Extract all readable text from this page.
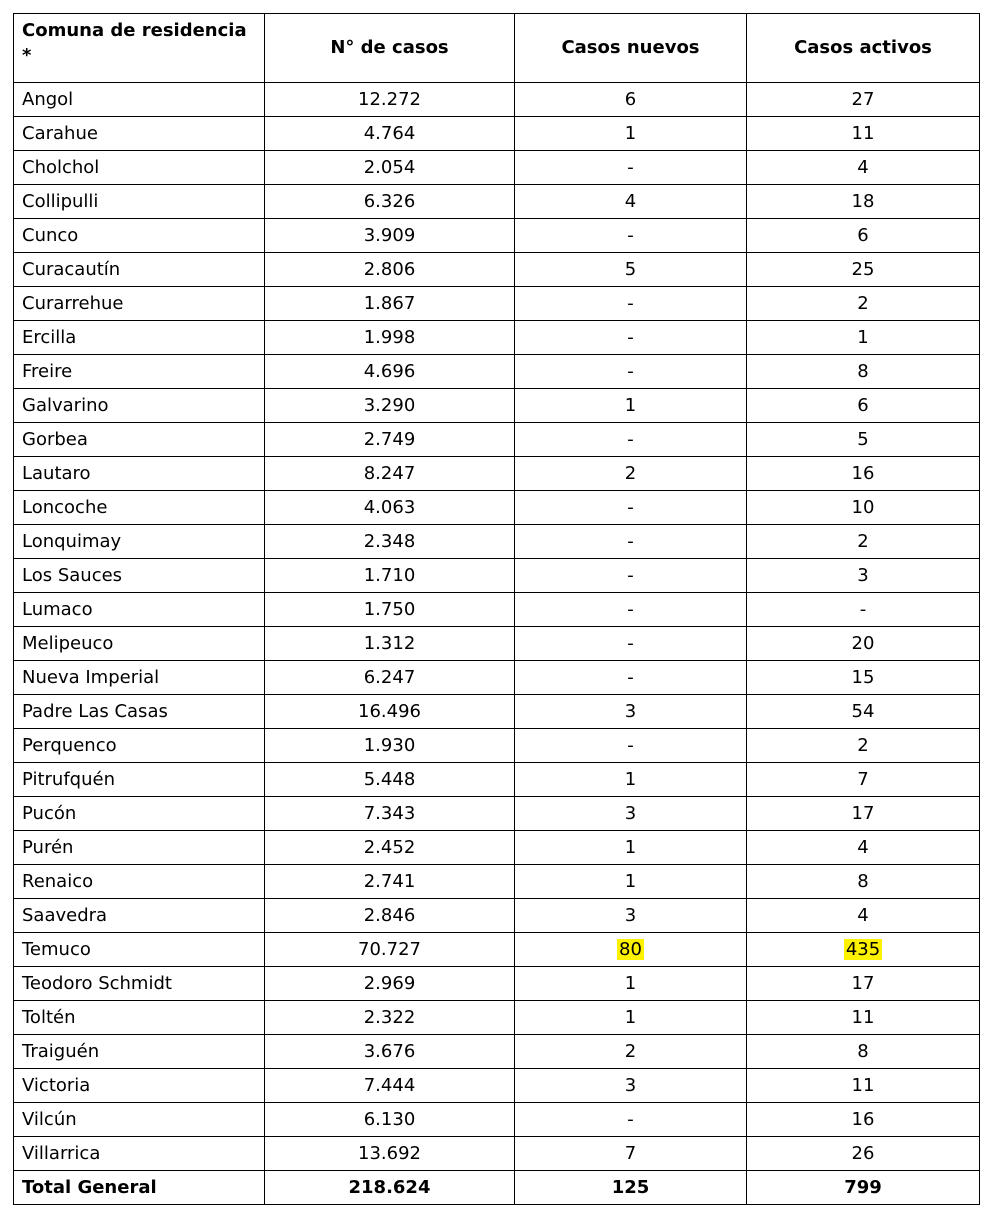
Comuna de residencia *	N° de casos	Casos nuevos	Casos activos
Angol	12.272	6	27
Carahue	4.764	1	11
Cholchol	2.054	-	4
Collipulli	6.326	4	18
Cunco	3.909	-	6
Curacautín	2.806	5	25
Curarrehue	1.867	-	2
Ercilla	1.998	-	1
Freire	4.696	-	8
Galvarino	3.290	1	6
Gorbea	2.749	-	5
Lautaro	8.247	2	16
Loncoche	4.063	-	10
Lonquimay	2.348	-	2
Los Sauces	1.710	-	3
Lumaco	1.750	-	-
Melipeuco	1.312	-	20
Nueva Imperial	6.247	-	15
Padre Las Casas	16.496	3	54
Perquenco	1.930	-	2
Pitrufquén	5.448	1	7
Pucón	7.343	3	17
Purén	2.452	1	4
Renaico	2.741	1	8
Saavedra	2.846	3	4
Temuco	70.727	80	435
Teodoro Schmidt	2.969	1	17
Toltén	2.322	1	11
Traiguén	3.676	2	8
Victoria	7.444	3	11
Vilcún	6.130	-	16
Villarrica	13.692	7	26
Total General	218.624	125	799
